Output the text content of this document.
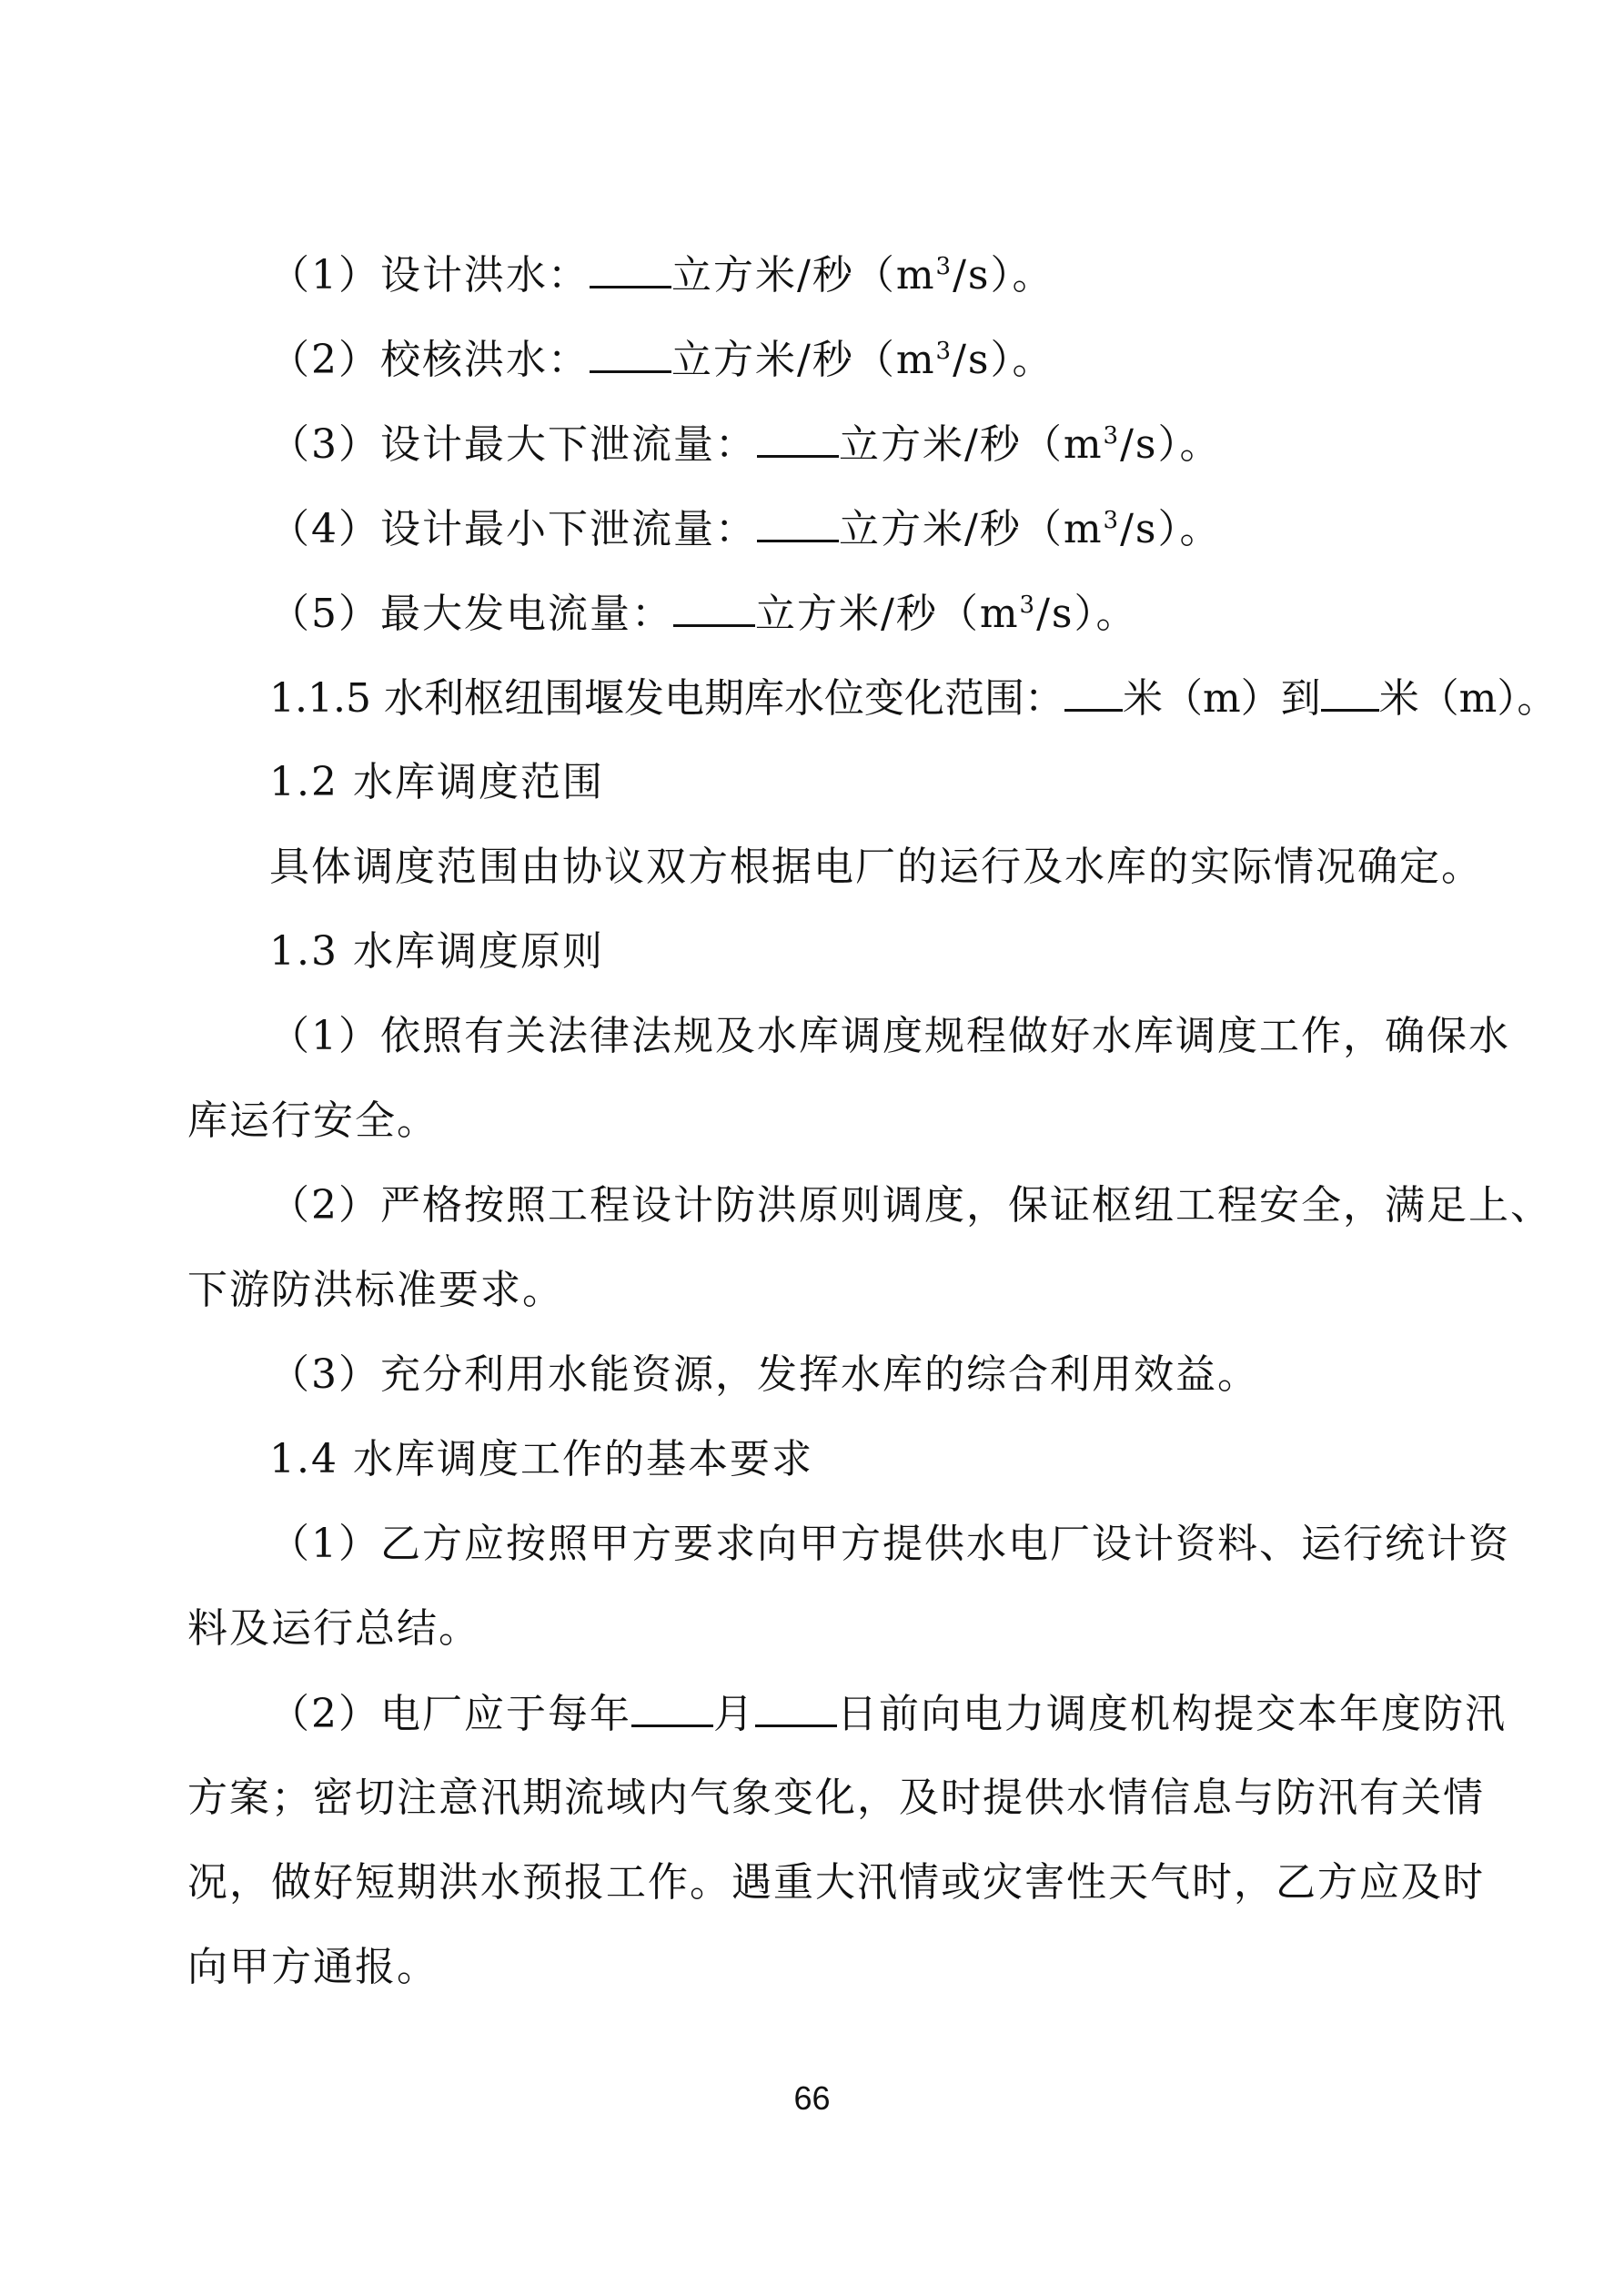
（1）设计洪水： 立方米/秒$(m^3/s)$。
（2）校核洪水： 立方米/秒$(m^3/s)$。
（3）设计最大下泄流量： 立方米/秒$(m^3/s)$。
（4）设计最小下泄流量： 立方米/秒$(m^3/s)$。
（5）最大发电流量： 立方米/秒$(m^3/s)$。
1.1.5 水利枢纽围堰发电期库水位变化范围： 米（m）到 米（m）。
1.2 水库调度范围
具体调度范围由协议双方根据电厂的运行及水库的实际情况确定。
1.3 水库调度原则
（1）依照有关法律法规及水库调度规程做好水库调度工作，确保水
库运行安全。
（2）严格按照工程设计防洪原则调度，保证枢纽工程安全，满足上、
下游防洪标准要求。
（3）充分利用水能资源，发挥水库的综合利用效益。
1.4 水库调度工作的基本要求
（1）乙方应按照甲方要求向甲方提供水电厂设计资料、运行统计资
料及运行总结。
（2）电厂应于每年 月 日前向电力调度机构提交本年度防汛
方案；密切注意汛期流域内气象变化，及时提供水情信息与防汛有关情
况，做好短期洪水预报工作。遇重大汛情或灾害性天气时，乙方应及时
向甲方通报。
66
